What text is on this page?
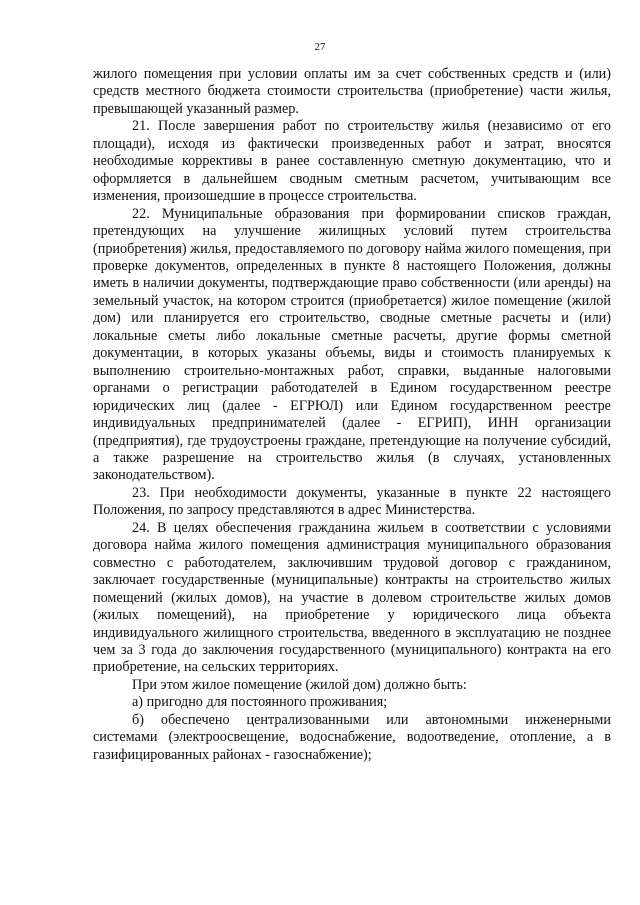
27

жилого помещения при условии оплаты им за счет собственных средств и (или) средств местного бюджета стоимости строительства (приобретение) части жилья, превышающей указанный размер.

21. После завершения работ по строительству жилья (независимо от его площади), исходя из фактически произведенных работ и затрат, вносятся необходимые коррективы в ранее составленную сметную документацию, что и оформляется в дальнейшем сводным сметным расчетом, учитывающим все изменения, произошедшие в процессе строительства.

22. Муниципальные образования при формировании списков граждан, претендующих на улучшение жилищных условий путем строительства (приобретения) жилья, предоставляемого по договору найма жилого помещения, при проверке документов, определенных в пункте 8 настоящего Положения, должны иметь в наличии документы, подтверждающие право собственности (или аренды) на земельный участок, на котором строится (приобретается) жилое помещение (жилой дом) или планируется его строительство, сводные сметные расчеты и (или) локальные сметы либо локальные сметные расчеты, другие формы сметной документации, в которых указаны объемы, виды и стоимость планируемых к выполнению строительно-монтажных работ, справки, выданные налоговыми органами о регистрации работодателей в Едином государственном реестре юридических лиц (далее - ЕГРЮЛ) или Едином государственном реестре индивидуальных предпринимателей (далее - ЕГРИП), ИНН организации (предприятия), где трудоустроены граждане, претендующие на получение субсидий, а также разрешение на строительство жилья (в случаях, установленных законодательством).

23. При необходимости документы, указанные в пункте 22 настоящего Положения, по запросу представляются в адрес Министерства.

24. В целях обеспечения гражданина жильем в соответствии с условиями договора найма жилого помещения администрация муниципального образования совместно с работодателем, заключившим трудовой договор с гражданином, заключает государственные (муниципальные) контракты на строительство жилых помещений (жилых домов), на участие в долевом строительстве жилых домов (жилых помещений), на приобретение у юридического лица объекта индивидуального жилищного строительства, введенного в эксплуатацию не позднее чем за 3 года до заключения государственного (муниципального) контракта на его приобретение, на сельских территориях.

При этом жилое помещение (жилой дом) должно быть:

а) пригодно для постоянного проживания;

б) обеспечено централизованными или автономными инженерными системами (электроосвещение, водоснабжение, водоотведение, отопление, а в газифицированных районах - газоснабжение);
